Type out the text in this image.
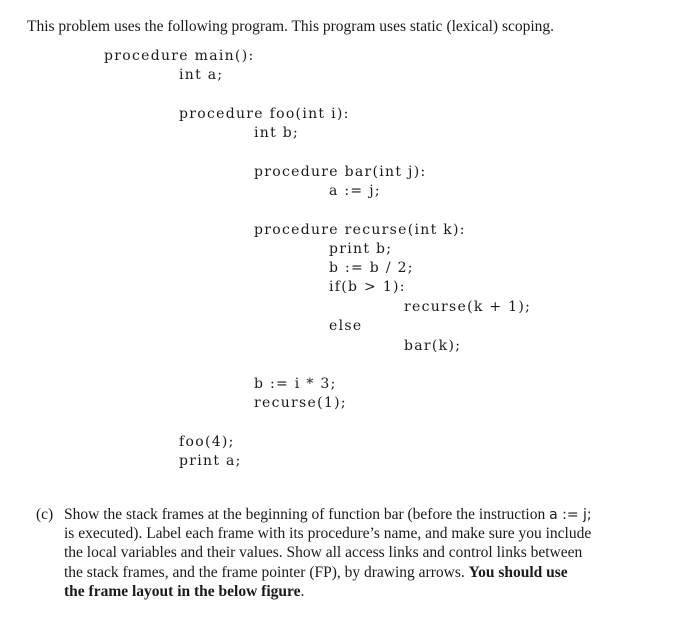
This problem uses the following program. This program uses static (lexical) scoping.
procedure main():
int a;
procedure foo(int i):
int b;
procedure bar(int j):
a := j;
procedure recurse(int k):
print b;
b := b / 2;
if(b > 1):
recurse(k + 1);
else
bar(k);
b := i * 3;
recurse(1);
foo(4);
print a;
(c) Show the stack frames at the beginning of function bar (before the instruction a := j;
is executed). Label each frame with its procedure’s name, and make sure you include
the local variables and their values. Show all access links and control links between
the stack frames, and the frame pointer (FP), by drawing arrows. You should use
the frame layout in the below figure.
